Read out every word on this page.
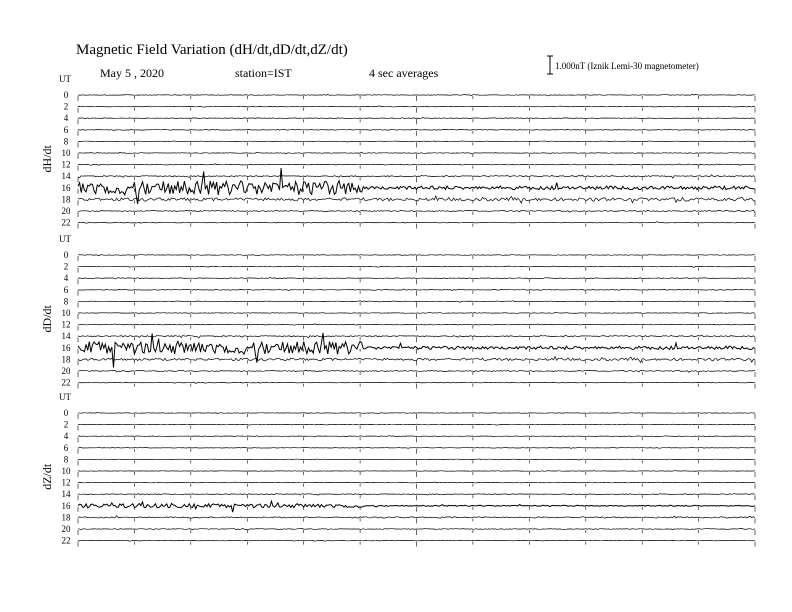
Magnetic Field Variation (dH/dt,dD/dt,dZ/dt)
May 5 , 2020	station=IST	4 sec averages	1.000nT (Iznik Lemi-30 magnetometer)
UT
dH/dt
0
2
4
6
8
10
12
14
16
18
20
22
UT
dD/dt
0
2
4
6
8
10
12
14
16
18
20
22
UT
dZ/dt
0
2
4
6
8
10
12
14
16
18
20
22
